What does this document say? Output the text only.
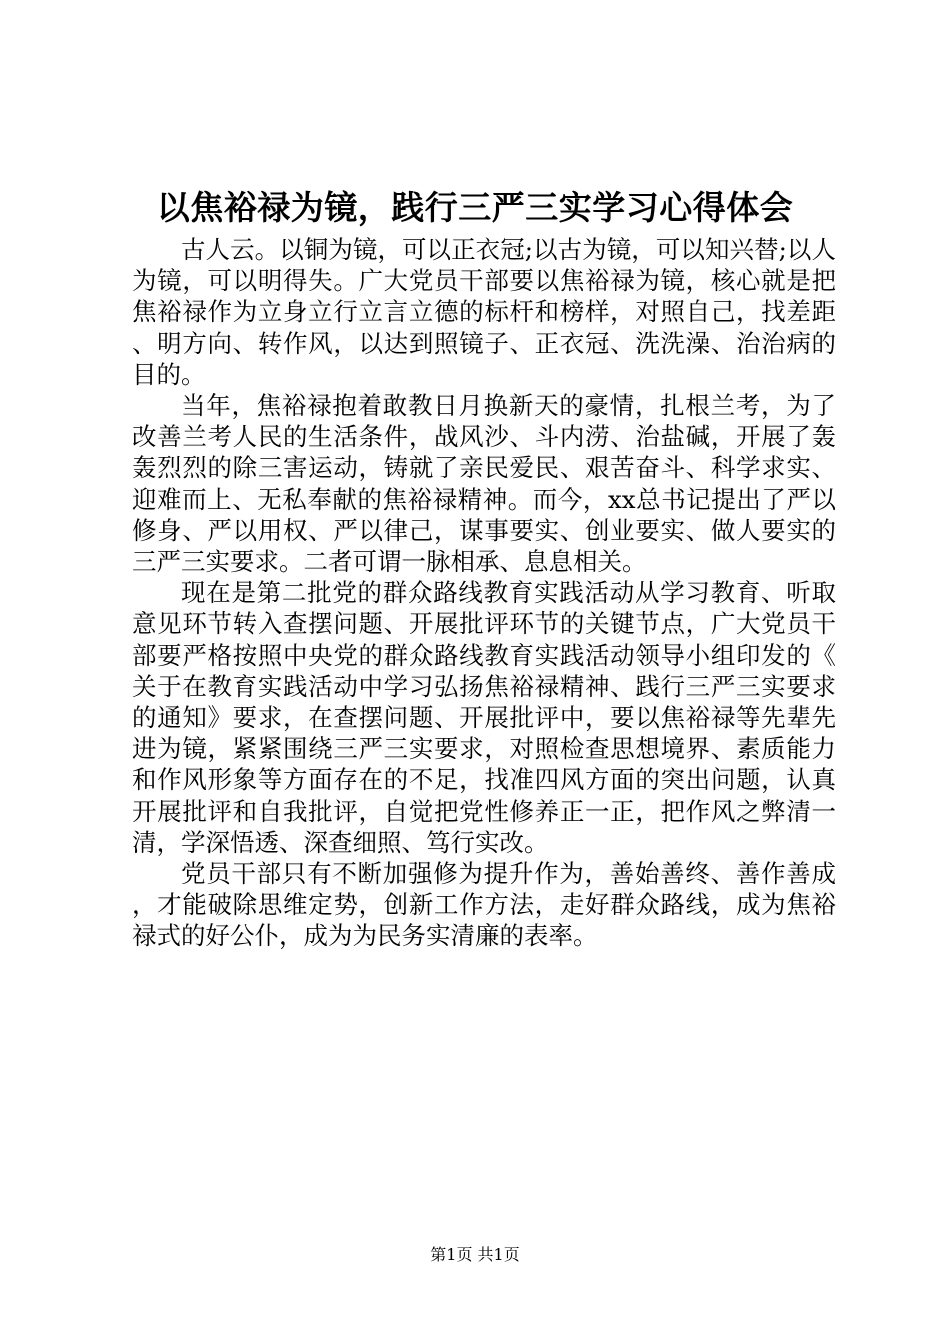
以焦裕禄为镜，践行三严三实学习心得体会

古人云。以铜为镜，可以正衣冠;以古为镜，可以知兴替;以人为镜，可以明得失。广大党员干部要以焦裕禄为镜，核心就是把焦裕禄作为立身立行立言立德的标杆和榜样，对照自己，找差距、明方向、转作风，以达到照镜子、正衣冠、洗洗澡、治治病的目的。

当年，焦裕禄抱着敢教日月换新天的豪情，扎根兰考，为了改善兰考人民的生活条件，战风沙、斗内涝、治盐碱，开展了轰轰烈烈的除三害运动，铸就了亲民爱民、艰苦奋斗、科学求实、迎难而上、无私奉献的焦裕禄精神。而今，xx总书记提出了严以修身、严以用权、严以律己，谋事要实、创业要实、做人要实的三严三实要求。二者可谓一脉相承、息息相关。

现在是第二批党的群众路线教育实践活动从学习教育、听取意见环节转入查摆问题、开展批评环节的关键节点，广大党员干部要严格按照中央党的群众路线教育实践活动领导小组印发的《关于在教育实践活动中学习弘扬焦裕禄精神、践行三严三实要求的通知》要求，在查摆问题、开展批评中，要以焦裕禄等先辈先进为镜，紧紧围绕三严三实要求，对照检查思想境界、素质能力和作风形象等方面存在的不足，找准四风方面的突出问题，认真开展批评和自我批评，自觉把党性修养正一正，把作风之弊清一清，学深悟透、深查细照、笃行实改。

党员干部只有不断加强修为提升作为，善始善终、善作善成，才能破除思维定势，创新工作方法，走好群众路线，成为焦裕禄式的好公仆，成为为民务实清廉的表率。

第1页 共1页
